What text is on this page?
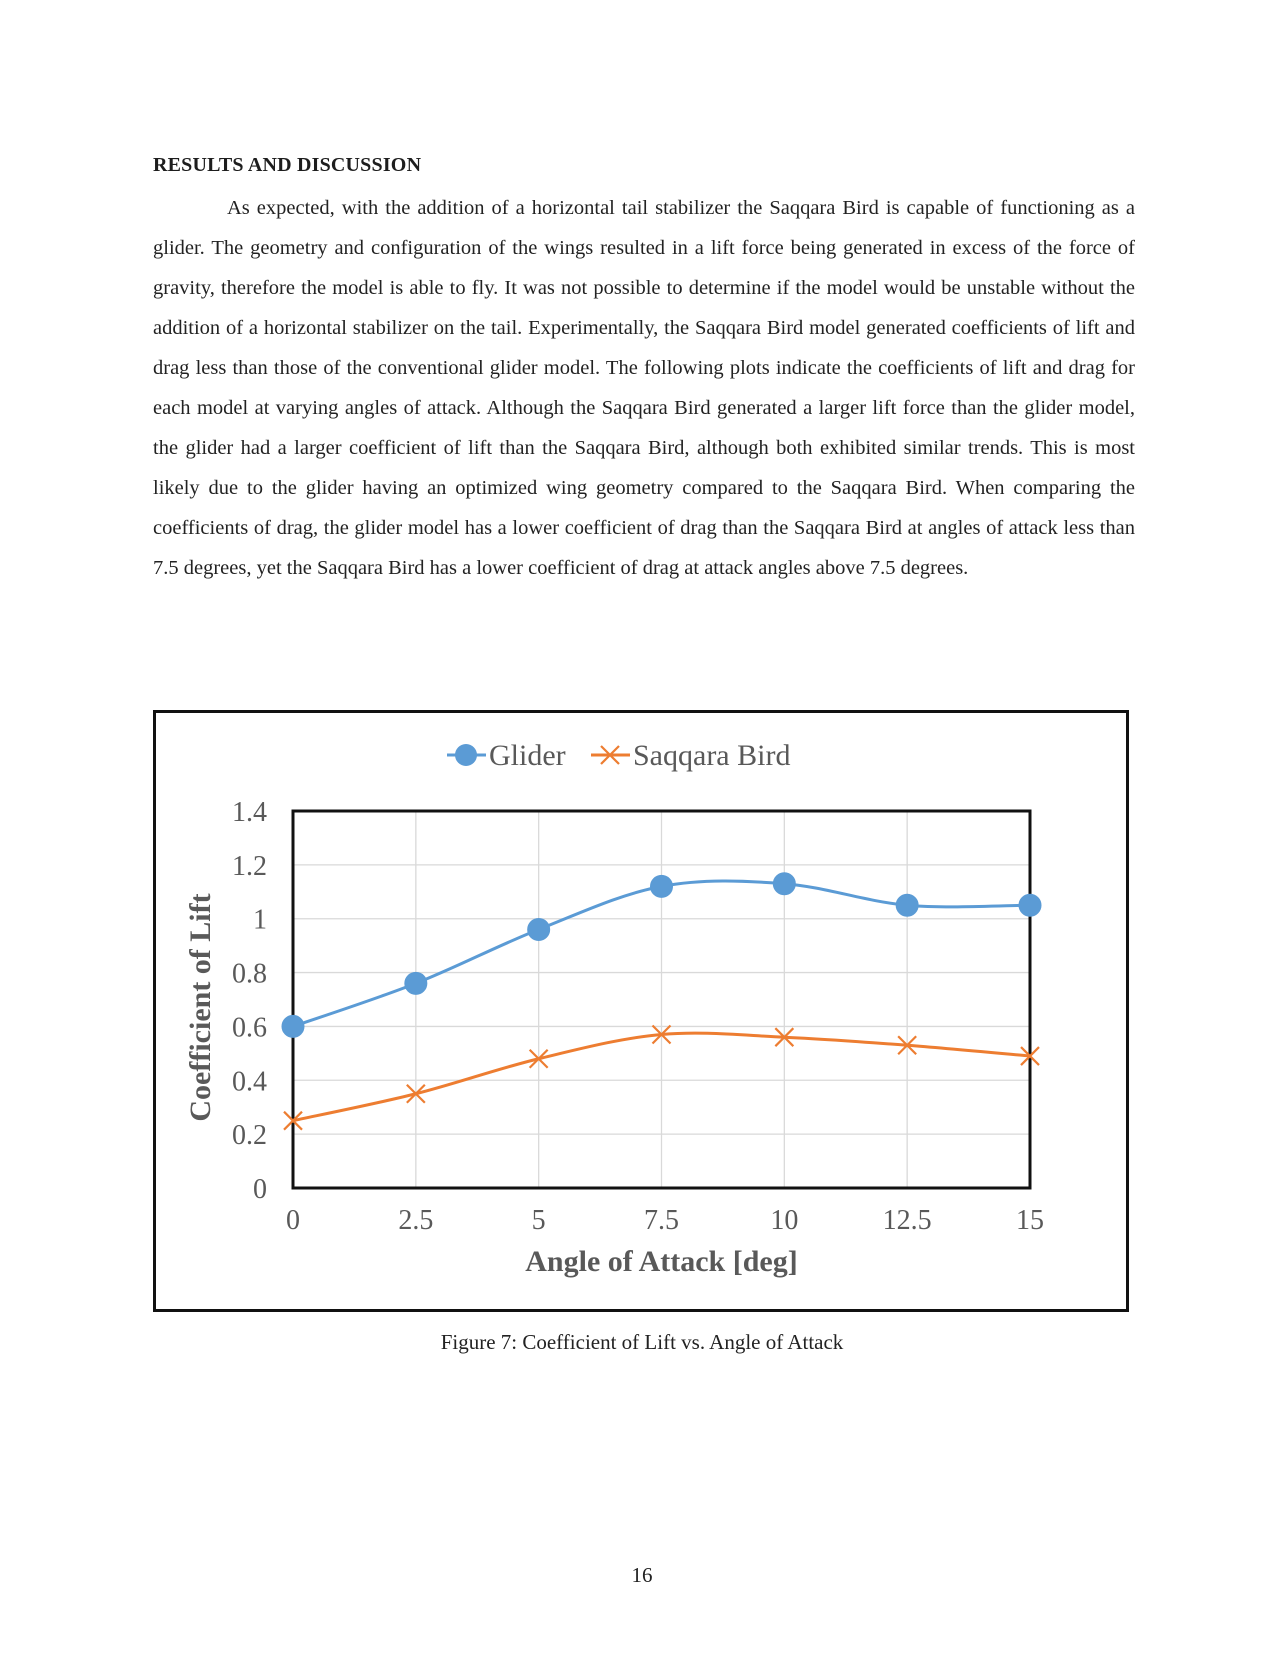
RESULTS AND DISCUSSION

As expected, with the addition of a horizontal tail stabilizer the Saqqara Bird is capable of functioning as a glider. The geometry and configuration of the wings resulted in a lift force being generated in excess of the force of gravity, therefore the model is able to fly. It was not possible to determine if the model would be unstable without the addition of a horizontal stabilizer on the tail. Experimentally, the Saqqara Bird model generated coefficients of lift and drag less than those of the conventional glider model. The following plots indicate the coefficients of lift and drag for each model at varying angles of attack. Although the Saqqara Bird generated a larger lift force than the glider model, the glider had a larger coefficient of lift than the Saqqara Bird, although both exhibited similar trends. This is most likely due to the glider having an optimized wing geometry compared to the Saqqara Bird. When comparing the coefficients of drag, the glider model has a lower coefficient of drag than the Saqqara Bird at angles of attack less than 7.5 degrees, yet the Saqqara Bird has a lower coefficient of drag at attack angles above 7.5 degrees.

0
0.2
0.4
0.6
0.8
1
1.2
1.4
0	2.5	5	7.5	10	12.5	15
Angle of Attack [deg]
Coefficient of Lift
Glider Saqqara Bird
Figure 7: Coefficient of Lift vs. Angle of Attack
16
